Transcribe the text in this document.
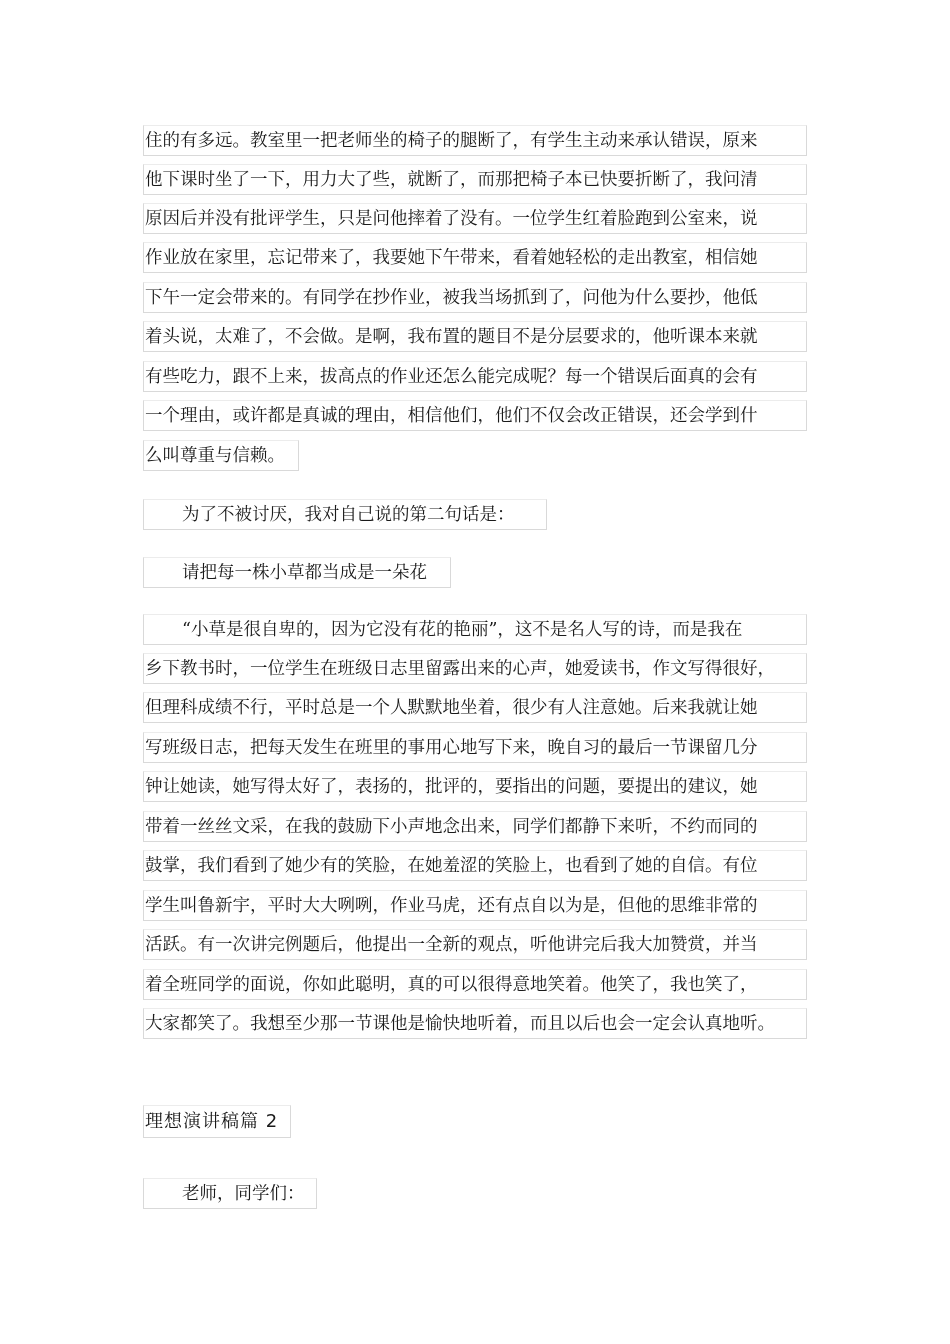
住的有多远。教室里一把老师坐的椅子的腿断了，有学生主动来承认错误，原来
他下课时坐了一下，用力大了些，就断了，而那把椅子本已快要折断了，我问清
原因后并没有批评学生，只是问他摔着了没有。一位学生红着脸跑到公室来，说
作业放在家里，忘记带来了，我要她下午带来，看着她轻松的走出教室，相信她
下午一定会带来的。有同学在抄作业，被我当场抓到了，问他为什么要抄，他低
着头说，太难了，不会做。是啊，我布置的题目不是分层要求的，他听课本来就
有些吃力，跟不上来，拔高点的作业还怎么能完成呢？每一个错误后面真的会有
一个理由，或许都是真诚的理由，相信他们，他们不仅会改正错误，还会学到什
么叫尊重与信赖。
为了不被讨厌，我对自己说的第二句话是：
请把每一株小草都当成是一朵花
“小草是很自卑的，因为它没有花的艳丽”，这不是名人写的诗，而是我在
乡下教书时，一位学生在班级日志里留露出来的心声，她爱读书，作文写得很好，
但理科成绩不行，平时总是一个人默默地坐着，很少有人注意她。后来我就让她
写班级日志，把每天发生在班里的事用心地写下来，晚自习的最后一节课留几分
钟让她读，她写得太好了，表扬的，批评的，要指出的问题，要提出的建议，她
带着一丝丝文采，在我的鼓励下小声地念出来，同学们都静下来听，不约而同的
鼓掌，我们看到了她少有的笑脸，在她羞涩的笑脸上，也看到了她的自信。有位
学生叫鲁新宇，平时大大咧咧，作业马虎，还有点自以为是，但他的思维非常的
活跃。有一次讲完例题后，他提出一全新的观点，听他讲完后我大加赞赏，并当
着全班同学的面说，你如此聪明，真的可以很得意地笑着。他笑了，我也笑了，
大家都笑了。我想至少那一节课他是愉快地听着，而且以后也会一定会认真地听。
理想演讲稿篇 2
老师，同学们：
